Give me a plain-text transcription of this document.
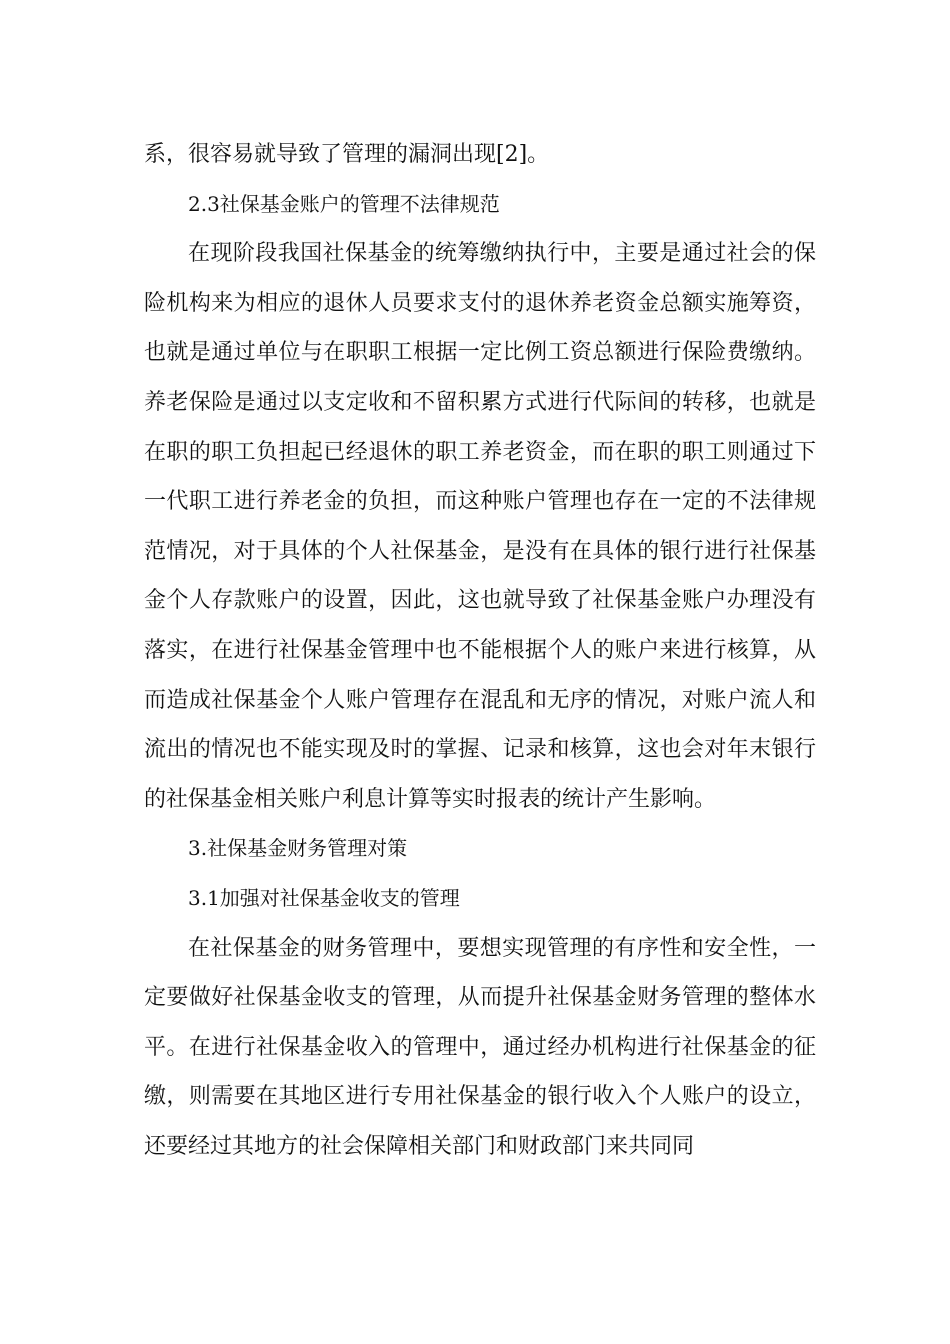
系，很容易就导致了管理的漏洞出现[2]。

2.3社保基金账户的管理不法律规范

在现阶段我国社保基金的统筹缴纳执行中，主要是通过社会的保险机构来为相应的退休人员要求支付的退休养老资金总额实施筹资，也就是通过单位与在职职工根据一定比例工资总额进行保险费缴纳。养老保险是通过以支定收和不留积累方式进行代际间的转移，也就是在职的职工负担起已经退休的职工养老资金，而在职的职工则通过下一代职工进行养老金的负担，而这种账户管理也存在一定的不法律规范情况，对于具体的个人社保基金，是没有在具体的银行进行社保基金个人存款账户的设置，因此，这也就导致了社保基金账户办理没有落实，在进行社保基金管理中也不能根据个人的账户来进行核算，从而造成社保基金个人账户管理存在混乱和无序的情况，对账户流人和流出的情况也不能实现及时的掌握、记录和核算，这也会对年末银行的社保基金相关账户利息计算等实时报表的统计产生影响。

3.社保基金财务管理对策

3.1加强对社保基金收支的管理

在社保基金的财务管理中，要想实现管理的有序性和安全性，一定要做好社保基金收支的管理，从而提升社保基金财务管理的整体水平。在进行社保基金收入的管理中，通过经办机构进行社保基金的征缴，则需要在其地区进行专用社保基金的银行收入个人账户的设立，还要经过其地方的社会保障相关部门和财政部门来共同同
